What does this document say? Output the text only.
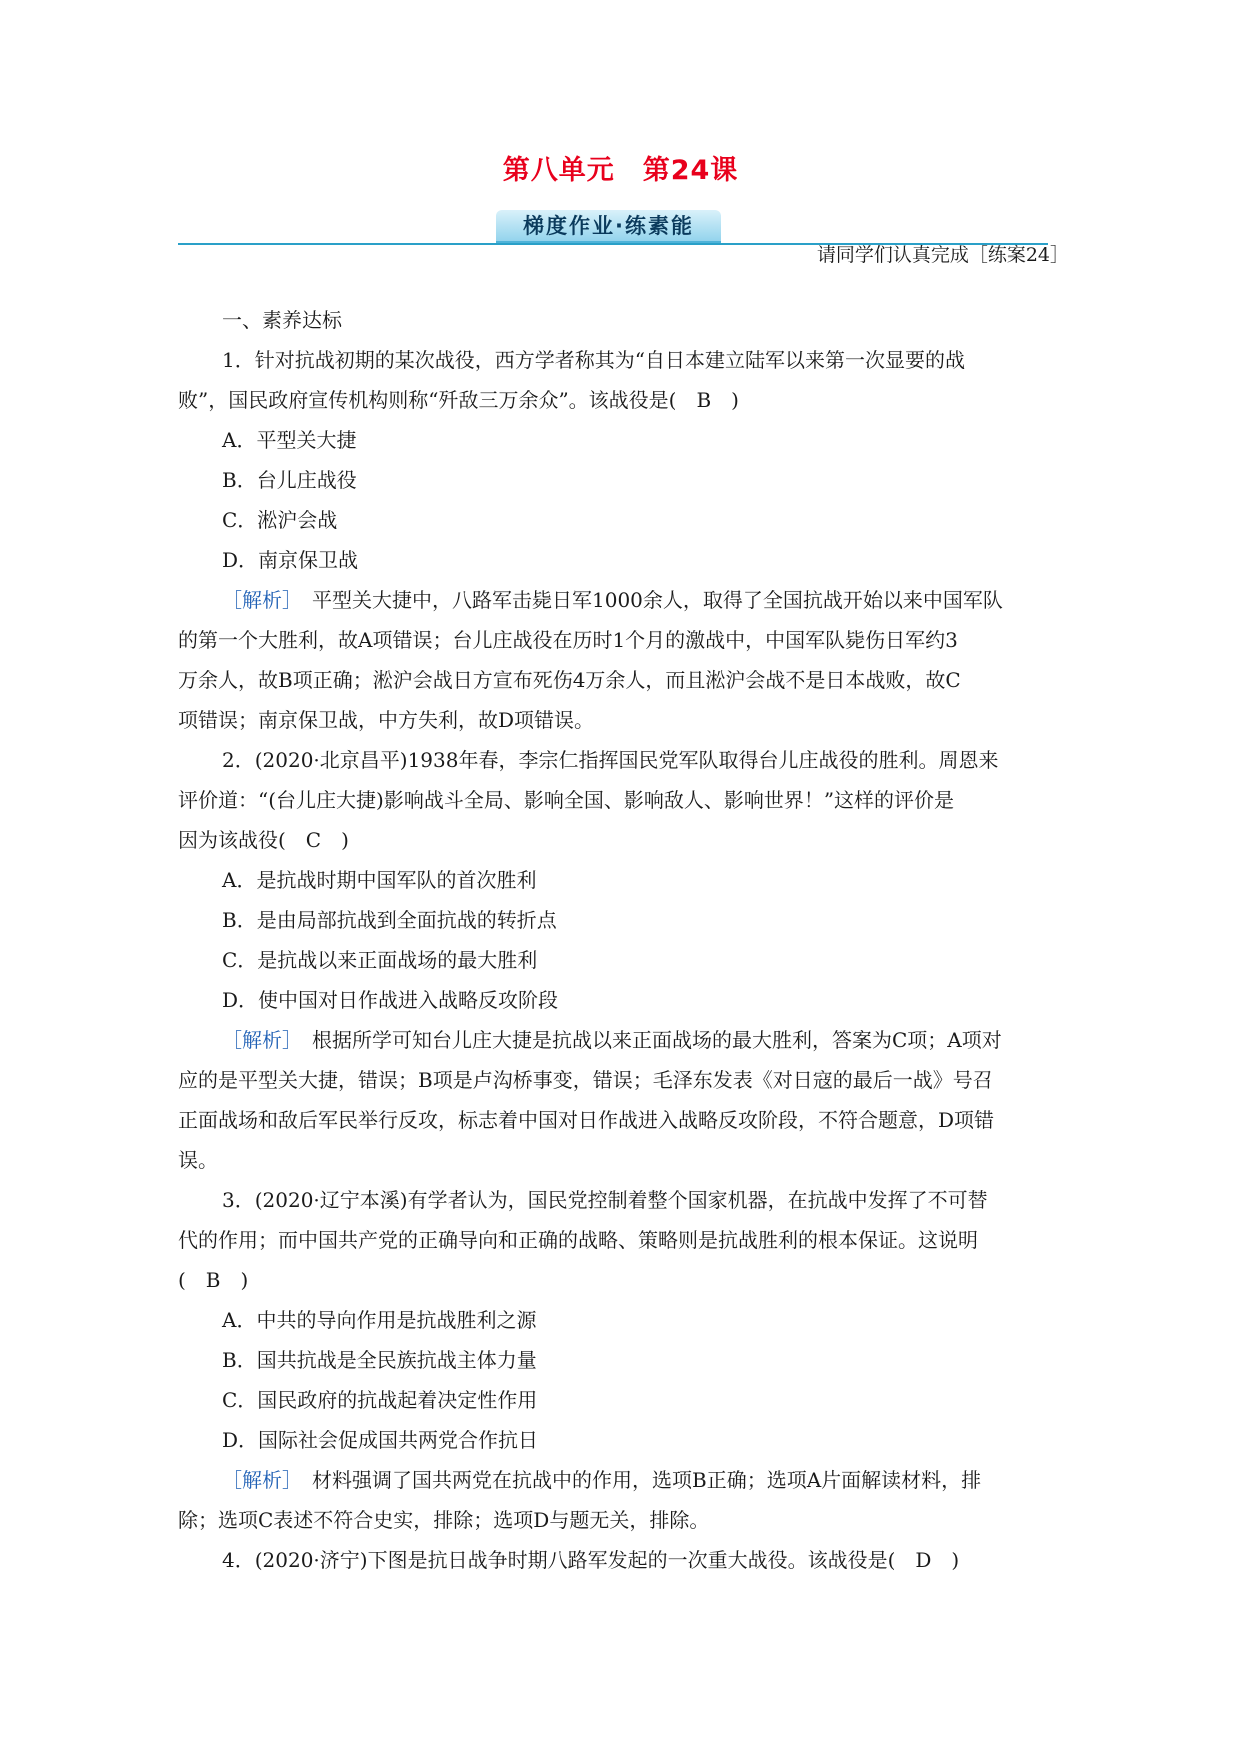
第八单元　第24课
梯度作业·练素能
请同学们认真完成［练案24］
一、素养达标
1．针对抗战初期的某次战役，西方学者称其为“自日本建立陆军以来第一次显要的战
败”，国民政府宣传机构则称“歼敌三万余众”。该战役是(　B　)
A．平型关大捷
B．台儿庄战役
C．淞沪会战
D．南京保卫战
［解析］　平型关大捷中，八路军击毙日军1000余人，取得了全国抗战开始以来中国军队
的第一个大胜利，故A项错误；台儿庄战役在历时1个月的激战中，中国军队毙伤日军约3
万余人，故B项正确；淞沪会战日方宣布死伤4万余人，而且淞沪会战不是日本战败，故C
项错误；南京保卫战，中方失利，故D项错误。
2．(2020·北京昌平)1938年春，李宗仁指挥国民党军队取得台儿庄战役的胜利。周恩来
评价道：“(台儿庄大捷)影响战斗全局、影响全国、影响敌人、影响世界！”这样的评价是
因为该战役(　C　)
A．是抗战时期中国军队的首次胜利
B．是由局部抗战到全面抗战的转折点
C．是抗战以来正面战场的最大胜利
D．使中国对日作战进入战略反攻阶段
［解析］　根据所学可知台儿庄大捷是抗战以来正面战场的最大胜利，答案为C项；A项对
应的是平型关大捷，错误；B项是卢沟桥事变，错误；毛泽东发表《对日寇的最后一战》号召
正面战场和敌后军民举行反攻，标志着中国对日作战进入战略反攻阶段，不符合题意，D项错
误。
3．(2020·辽宁本溪)有学者认为，国民党控制着整个国家机器，在抗战中发挥了不可替
代的作用；而中国共产党的正确导向和正确的战略、策略则是抗战胜利的根本保证。这说明
(　B　)
A．中共的导向作用是抗战胜利之源
B．国共抗战是全民族抗战主体力量
C．国民政府的抗战起着决定性作用
D．国际社会促成国共两党合作抗日
［解析］　材料强调了国共两党在抗战中的作用，选项B正确；选项A片面解读材料，排
除；选项C表述不符合史实，排除；选项D与题无关，排除。
4．(2020·济宁)下图是抗日战争时期八路军发起的一次重大战役。该战役是(　D　)
